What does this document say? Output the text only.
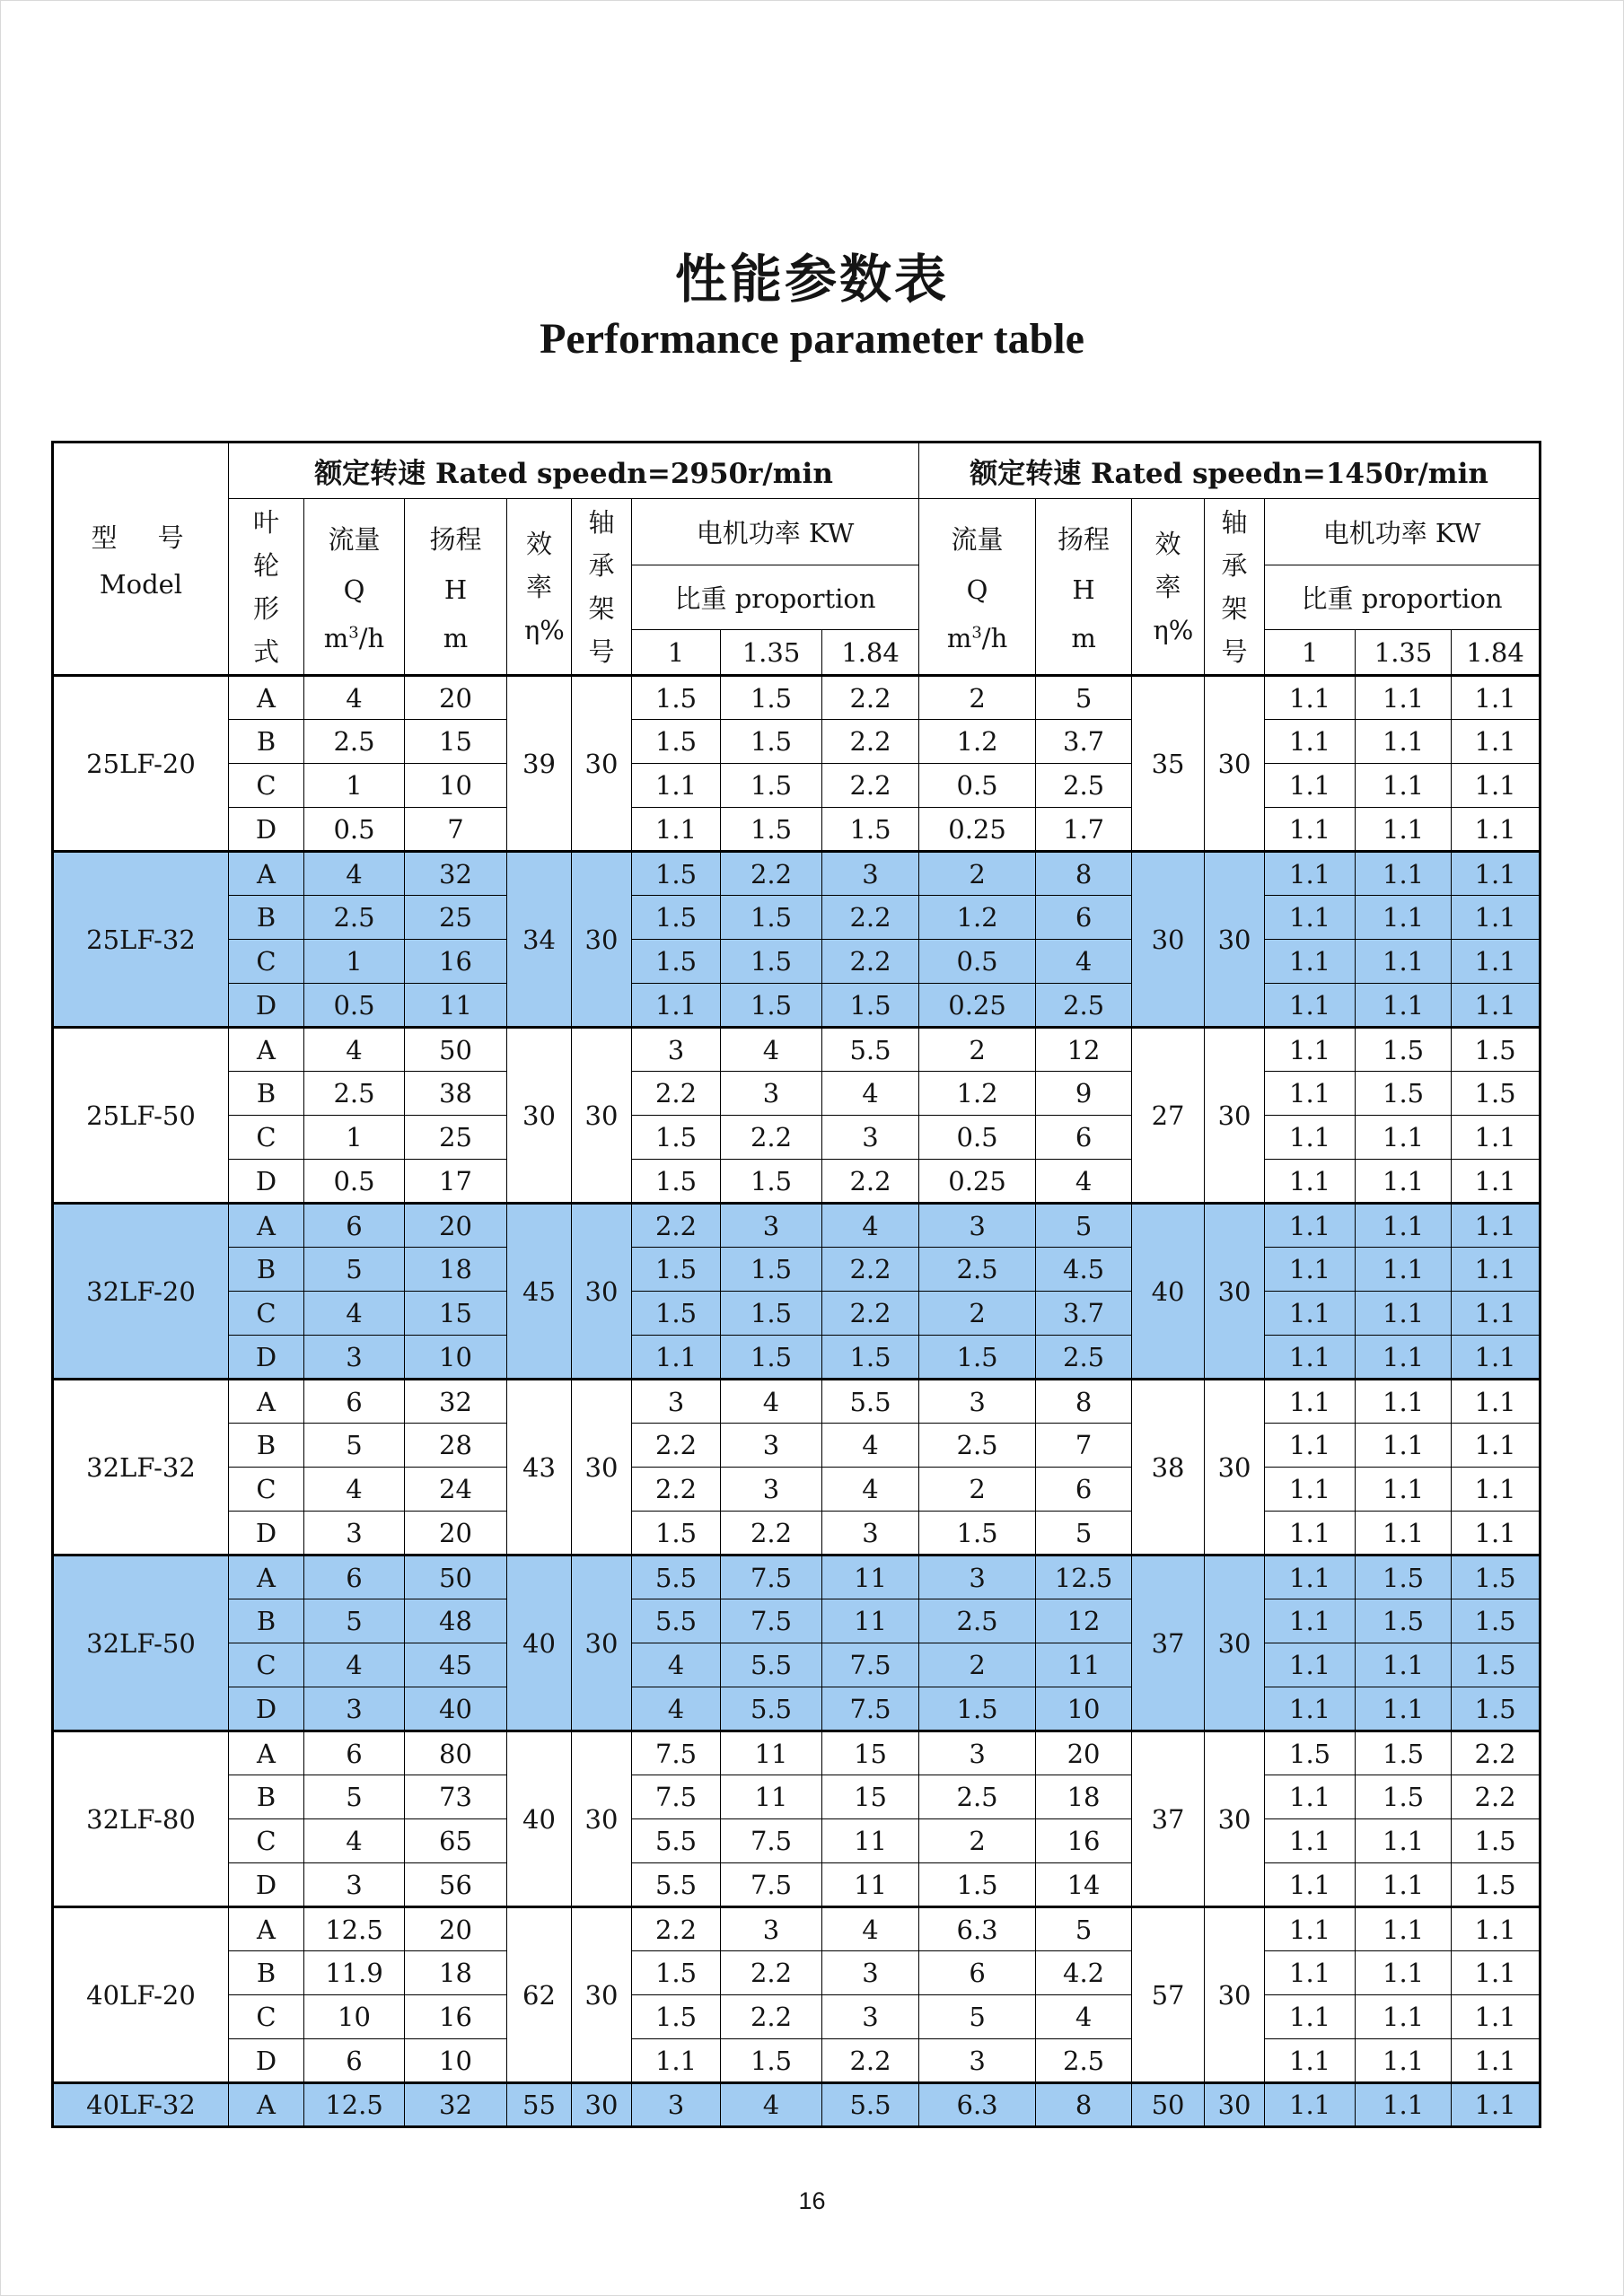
性能参数表
Performance parameter table
型　号
Model	额定转速 Rated speedn=2950r/min								额定转速 Rated speedn=1450r/min						

	叶轮形式	流量
Q
$m^3/h$	扬程
H
m	效率η%	轴承架号	电机功率 KW			流量
Q
$m^3/h$	扬程
H
m	效率η%	轴承架号	电机功率 KW		
						比重 proportion							比重 proportion		
						1	1.35	1.84					1	1.35	1.84
25LF-20	A	4	20	39	30	1.5	1.5	2.2	2	5	35	30	1.1	1.1	1.1
	B	2.5	15			1.5	1.5	2.2	1.2	3.7			1.1	1.1	1.1
	C	1	10			1.1	1.5	2.2	0.5	2.5			1.1	1.1	1.1
	D	0.5	7			1.1	1.5	1.5	0.25	1.7			1.1	1.1	1.1
25LF-32	A	4	32	34	30	1.5	2.2	3	2	8	30	30	1.1	1.1	1.1
	B	2.5	25			1.5	1.5	2.2	1.2	6			1.1	1.1	1.1
	C	1	16			1.5	1.5	2.2	0.5	4			1.1	1.1	1.1
	D	0.5	11			1.1	1.5	1.5	0.25	2.5			1.1	1.1	1.1
25LF-50	A	4	50	30	30	3	4	5.5	2	12	27	30	1.1	1.5	1.5
	B	2.5	38			2.2	3	4	1.2	9			1.1	1.5	1.5
	C	1	25			1.5	2.2	3	0.5	6			1.1	1.1	1.1
	D	0.5	17			1.5	1.5	2.2	0.25	4			1.1	1.1	1.1
32LF-20	A	6	20	45	30	2.2	3	4	3	5	40	30	1.1	1.1	1.1
	B	5	18			1.5	1.5	2.2	2.5	4.5			1.1	1.1	1.1
	C	4	15			1.5	1.5	2.2	2	3.7			1.1	1.1	1.1
	D	3	10			1.1	1.5	1.5	1.5	2.5			1.1	1.1	1.1
32LF-32	A	6	32	43	30	3	4	5.5	3	8	38	30	1.1	1.1	1.1
	B	5	28			2.2	3	4	2.5	7			1.1	1.1	1.1
	C	4	24			2.2	3	4	2	6			1.1	1.1	1.1
	D	3	20			1.5	2.2	3	1.5	5			1.1	1.1	1.1
32LF-50	A	6	50	40	30	5.5	7.5	11	3	12.5	37	30	1.1	1.5	1.5
	B	5	48			5.5	7.5	11	2.5	12			1.1	1.5	1.5
	C	4	45			4	5.5	7.5	2	11			1.1	1.1	1.5
	D	3	40			4	5.5	7.5	1.5	10			1.1	1.1	1.5
32LF-80	A	6	80	40	30	7.5	11	15	3	20	37	30	1.5	1.5	2.2
	B	5	73			7.5	11	15	2.5	18			1.1	1.5	2.2
	C	4	65			5.5	7.5	11	2	16			1.1	1.1	1.5
	D	3	56			5.5	7.5	11	1.5	14			1.1	1.1	1.5
40LF-20	A	12.5	20	62	30	2.2	3	4	6.3	5	57	30	1.1	1.1	1.1
	B	11.9	18			1.5	2.2	3	6	4.2			1.1	1.1	1.1
	C	10	16			1.5	2.2	3	5	4			1.1	1.1	1.1
	D	6	10			1.1	1.5	2.2	3	2.5			1.1	1.1	1.1
40LF-32	A	12.5	32	55	30	3	4	5.5	6.3	8	50	30	1.1	1.1	1.1
16
